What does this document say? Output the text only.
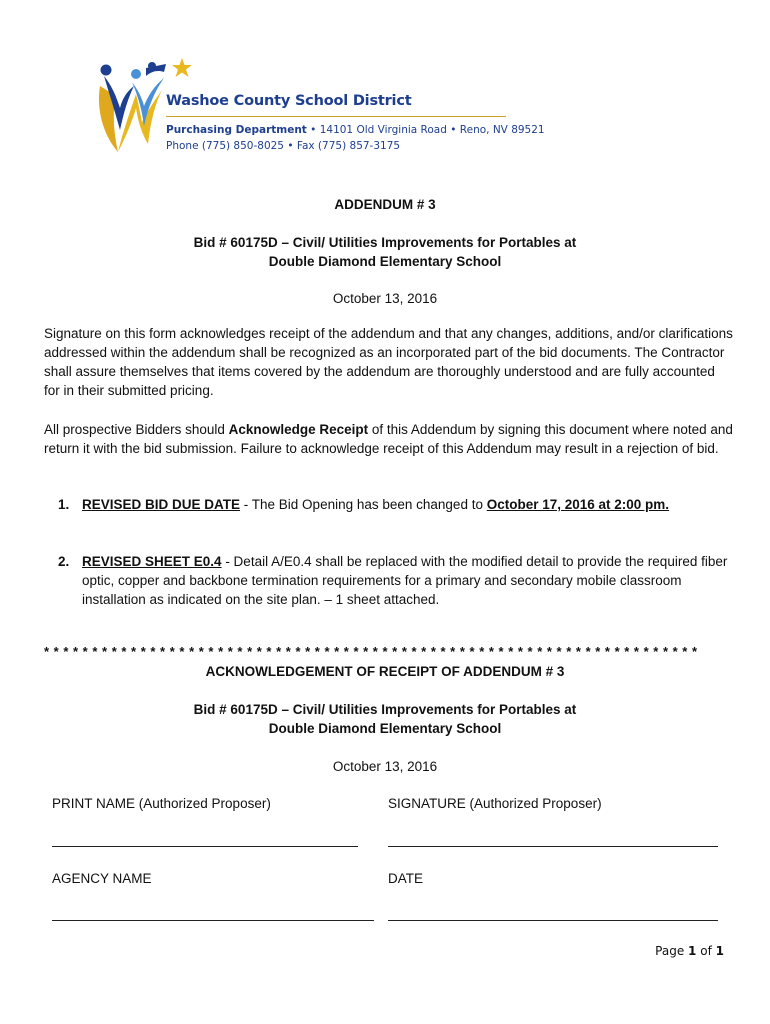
Washoe County School District
Purchasing Department • 14101 Old Virginia Road • Reno, NV 89521
Phone (775) 850-8025 • Fax (775) 857-3175
ADDENDUM # 3
Bid # 60175D – Civil/ Utilities Improvements for Portables at
Double Diamond Elementary School
October 13, 2016
Signature on this form acknowledges receipt of the addendum and that any changes, additions, and/or clarifications addressed within the addendum shall be recognized as an incorporated part of the bid documents. The Contractor shall assure themselves that items covered by the addendum are thoroughly understood and are fully accounted for in their submitted pricing.
All prospective Bidders should Acknowledge Receipt of this Addendum by signing this document where noted and return it with the bid submission. Failure to acknowledge receipt of this Addendum may result in a rejection of bid.
1. REVISED BID DUE DATE - The Bid Opening has been changed to October 17, 2016 at 2:00 pm.
2. REVISED SHEET E0.4 - Detail A/E0.4 shall be replaced with the modified detail to provide the required fiber optic, copper and backbone termination requirements for a primary and secondary mobile classroom installation as indicated on the site plan. – 1 sheet attached.
* * * * * * * * * * * * * * * * * * * * * * * * * * * * * * * * * * * * * * * * * * * * * * * * * * * * * * * * * * * * * * * * * * * *
ACKNOWLEDGEMENT OF RECEIPT OF ADDENDUM # 3
Bid # 60175D – Civil/ Utilities Improvements for Portables at
Double Diamond Elementary School
October 13, 2016
PRINT NAME (Authorized Proposer)	SIGNATURE (Authorized Proposer)
AGENCY NAME	DATE
Page 1 of 1
